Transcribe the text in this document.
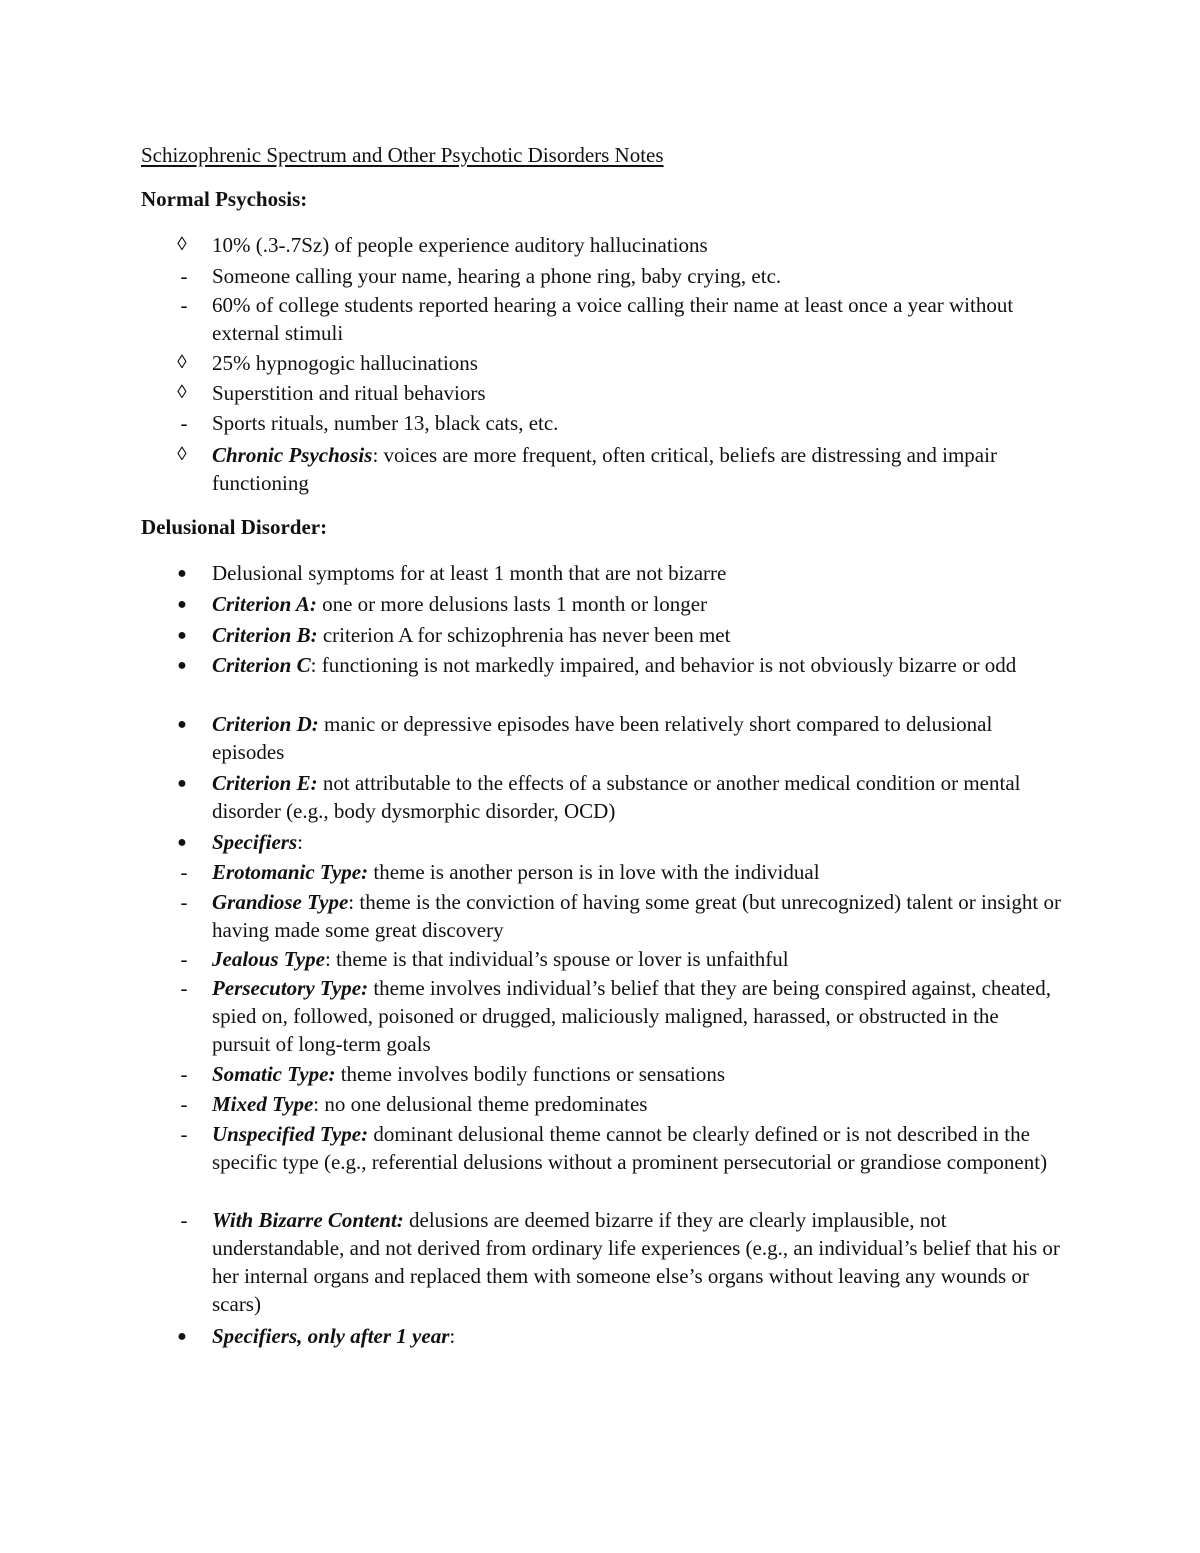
Schizophrenic Spectrum and Other Psychotic Disorders Notes
Normal Psychosis:
◊ 10% (.3-.7Sz) of people experience auditory hallucinations
-	Someone calling your name, hearing a phone ring, baby crying, etc.
-	60% of college students reported hearing a voice calling their name at least once a year without external stimuli
◊ 25% hypnogogic hallucinations
◊ Superstition and ritual behaviors
-	Sports rituals, number 13, black cats, etc.
◊ Chronic Psychosis: voices are more frequent, often critical, beliefs are distressing and impair functioning
Delusional Disorder:
● Delusional symptoms for at least 1 month that are not bizarre
● Criterion A: one or more delusions lasts 1 month or longer
● Criterion B: criterion A for schizophrenia has never been met
● Criterion C: functioning is not markedly impaired, and behavior is not obviously bizarre or odd
● Criterion D: manic or depressive episodes have been relatively short compared to delusional episodes
● Criterion E: not attributable to the effects of a substance or another medical condition or mental disorder (e.g., body dysmorphic disorder, OCD)
● Specifiers:
-	Erotomanic Type: theme is another person is in love with the individual
-	Grandiose Type: theme is the conviction of having some great (but unrecognized) talent or insight or having made some great discovery
-	Jealous Type: theme is that individual’s spouse or lover is unfaithful
-	Persecutory Type: theme involves individual’s belief that they are being conspired against, cheated, spied on, followed, poisoned or drugged, maliciously maligned, harassed, or obstructed in the pursuit of long-term goals
-	Somatic Type: theme involves bodily functions or sensations
-	Mixed Type: no one delusional theme predominates
-	Unspecified Type: dominant delusional theme cannot be clearly defined or is not described in the specific type (e.g., referential delusions without a prominent persecutorial or grandiose component)
-	With Bizarre Content: delusions are deemed bizarre if they are clearly implausible, not understandable, and not derived from ordinary life experiences (e.g., an individual’s belief that his or her internal organs and replaced them with someone else’s organs without leaving any wounds or scars)
● Specifiers, only after 1 year:
